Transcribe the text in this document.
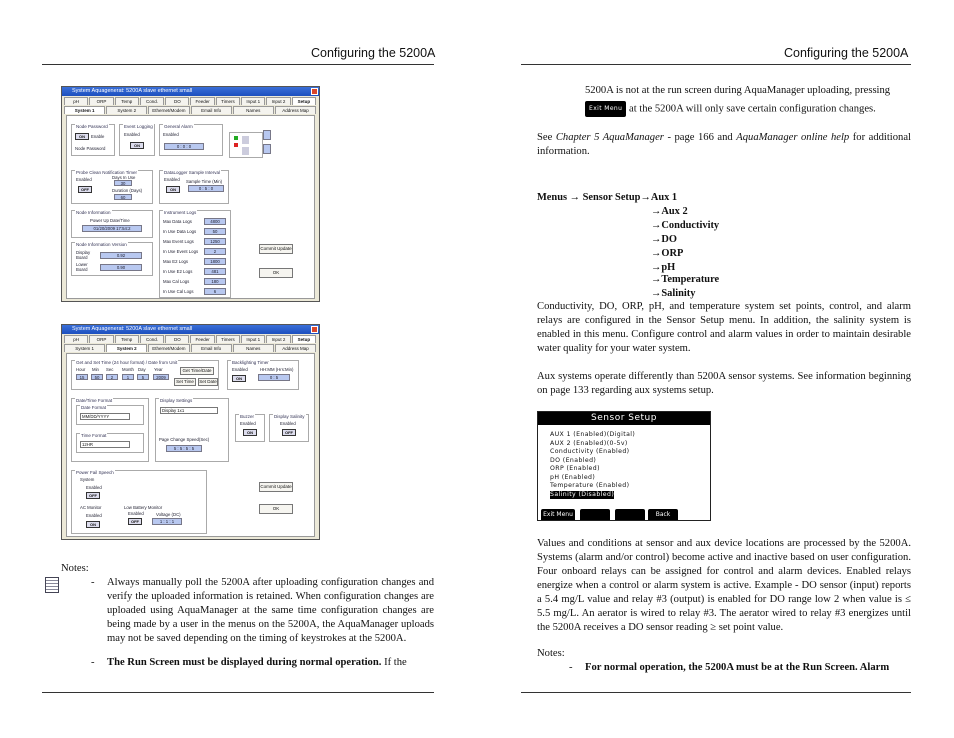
Configuring the 5200A
System Aquagenerat: 5200A slave ethernet small
pH	ORP	Temp	Cond.	DO	Feeder	Timers	Input 1	Input 2	Setup
System 1	System 2	Ethernet/Modem	Email Info	Names	Address Map
Node Password
ON	Enable
Node Password
Event Logging
Enabled
ON
General Alarm
Enabled
0 : 0 : 0
Probe Clean Notification Timer
Enabled
OFF
Days In Use
30
Duration (Days)
60
DataLogger Sample Interval
Enabled
ON
Sample Time (Min)
0 : 5 : 0
Node Information
Power Up Date/Time
01/20/2009 17:54:2
Node Information Version
Display Board	0.92
Lower Board	0.90
Instrument Logs
Max Data Logs	4800
In Use Data Logs	50
Max Event Logs	1250
In Use Event Logs	2
Max E2 Logs	1800
In Use E2 Logs	481
Max Cal Logs	180
In Use Cal Logs	6
Commit Update
OK
System Aquagenerat: 5200A slave ethernet small
pH	ORP	Temp	Cond.	DO	Feeder	Timers	Input 1	Input 2	Setup
System 1	System 2	Ethernet/Modem	Email Info	Names	Address Map
Get and Set Time (24 hour format) / Date from Unit
Hour Min Sec Month Day Year
15	50	2	1	5	2009
Get Time/Date
Set Time	Set Date
Backlighting Timer
Enabled
ON
HH:MM (Hrs:Min)
0 : 5
Date/Time Format
Date Format
MM/DD/YYYY
Time Format
12HR
Display Settings
Display 1x1
Page Change Speed(Sec)
5 : 5 : 5 : 5
Buzzer
Enabled
ON
Display Salinity
Enabled
OFF
Power Fail Speech
System
Enabled
OFF
AC Monitor
Enabled
ON
Low Battery Monitor
Enabled
OFF
Voltage (DC)
1 : 1 : 1
Commit Update
OK
Notes:
- Always manually poll the 5200A after uploading configuration changes and verify the uploaded information is retained. When configuration changes are uploaded using AquaManager at the same time configuration changes are being made by a user in the menus on the 5200A, the AquaManager uploads may not be saved depending on the timing of keystrokes at the 5200A.
- The Run Screen must be displayed during normal operation. If the
Configuring the 5200A
5200A is not at the run screen during AquaManager uploading, pressing
Exit Menu at the 5200A will only save certain configuration changes.
See Chapter 5 AquaManager - page 166 and AquaManager online help for additional information.
Menus → Sensor Setup→Aux 1
→Aux 2
→Conductivity
→DO
→ORP
→pH
→Temperature
→Salinity
Conductivity, DO, ORP, pH, and temperature system set points, control, and alarm relays are configured in the Sensor Setup menu. In addition, the salinity system is enabled in this menu. Configure control and alarm values in order to maintain desirable water quality for your water system.
Aux systems operate differently than 5200A sensor systems. See information beginning on page 133 regarding aux systems setup.
Sensor Setup
AUX 1 (Enabled)(Digital)
AUX 2 (Enabled)(0-5v)
Conductivity (Enabled)
DO (Enabled)
ORP (Enabled)
pH (Enabled)
Temperature (Enabled)
Salinity (Disabled)
Exit Menu	Back
Values and conditions at sensor and aux device locations are processed by the 5200A. Systems (alarm and/or control) become active and inactive based on user configuration. Four onboard relays can be assigned for control and alarm devices. Enabled relays energize when a control or alarm system is active. Example - DO sensor (input) reports a 5.4 mg/L value and relay #3 (output) is enabled for DO range low 2 when value is ≤ 5.5 mg/L. An aerator is wired to relay #3. The aerator wired to relay #3 energizes until the 5200A receives a DO sensor reading ≥ set point value.
Notes:
- For normal operation, the 5200A must be at the Run Screen. Alarm
